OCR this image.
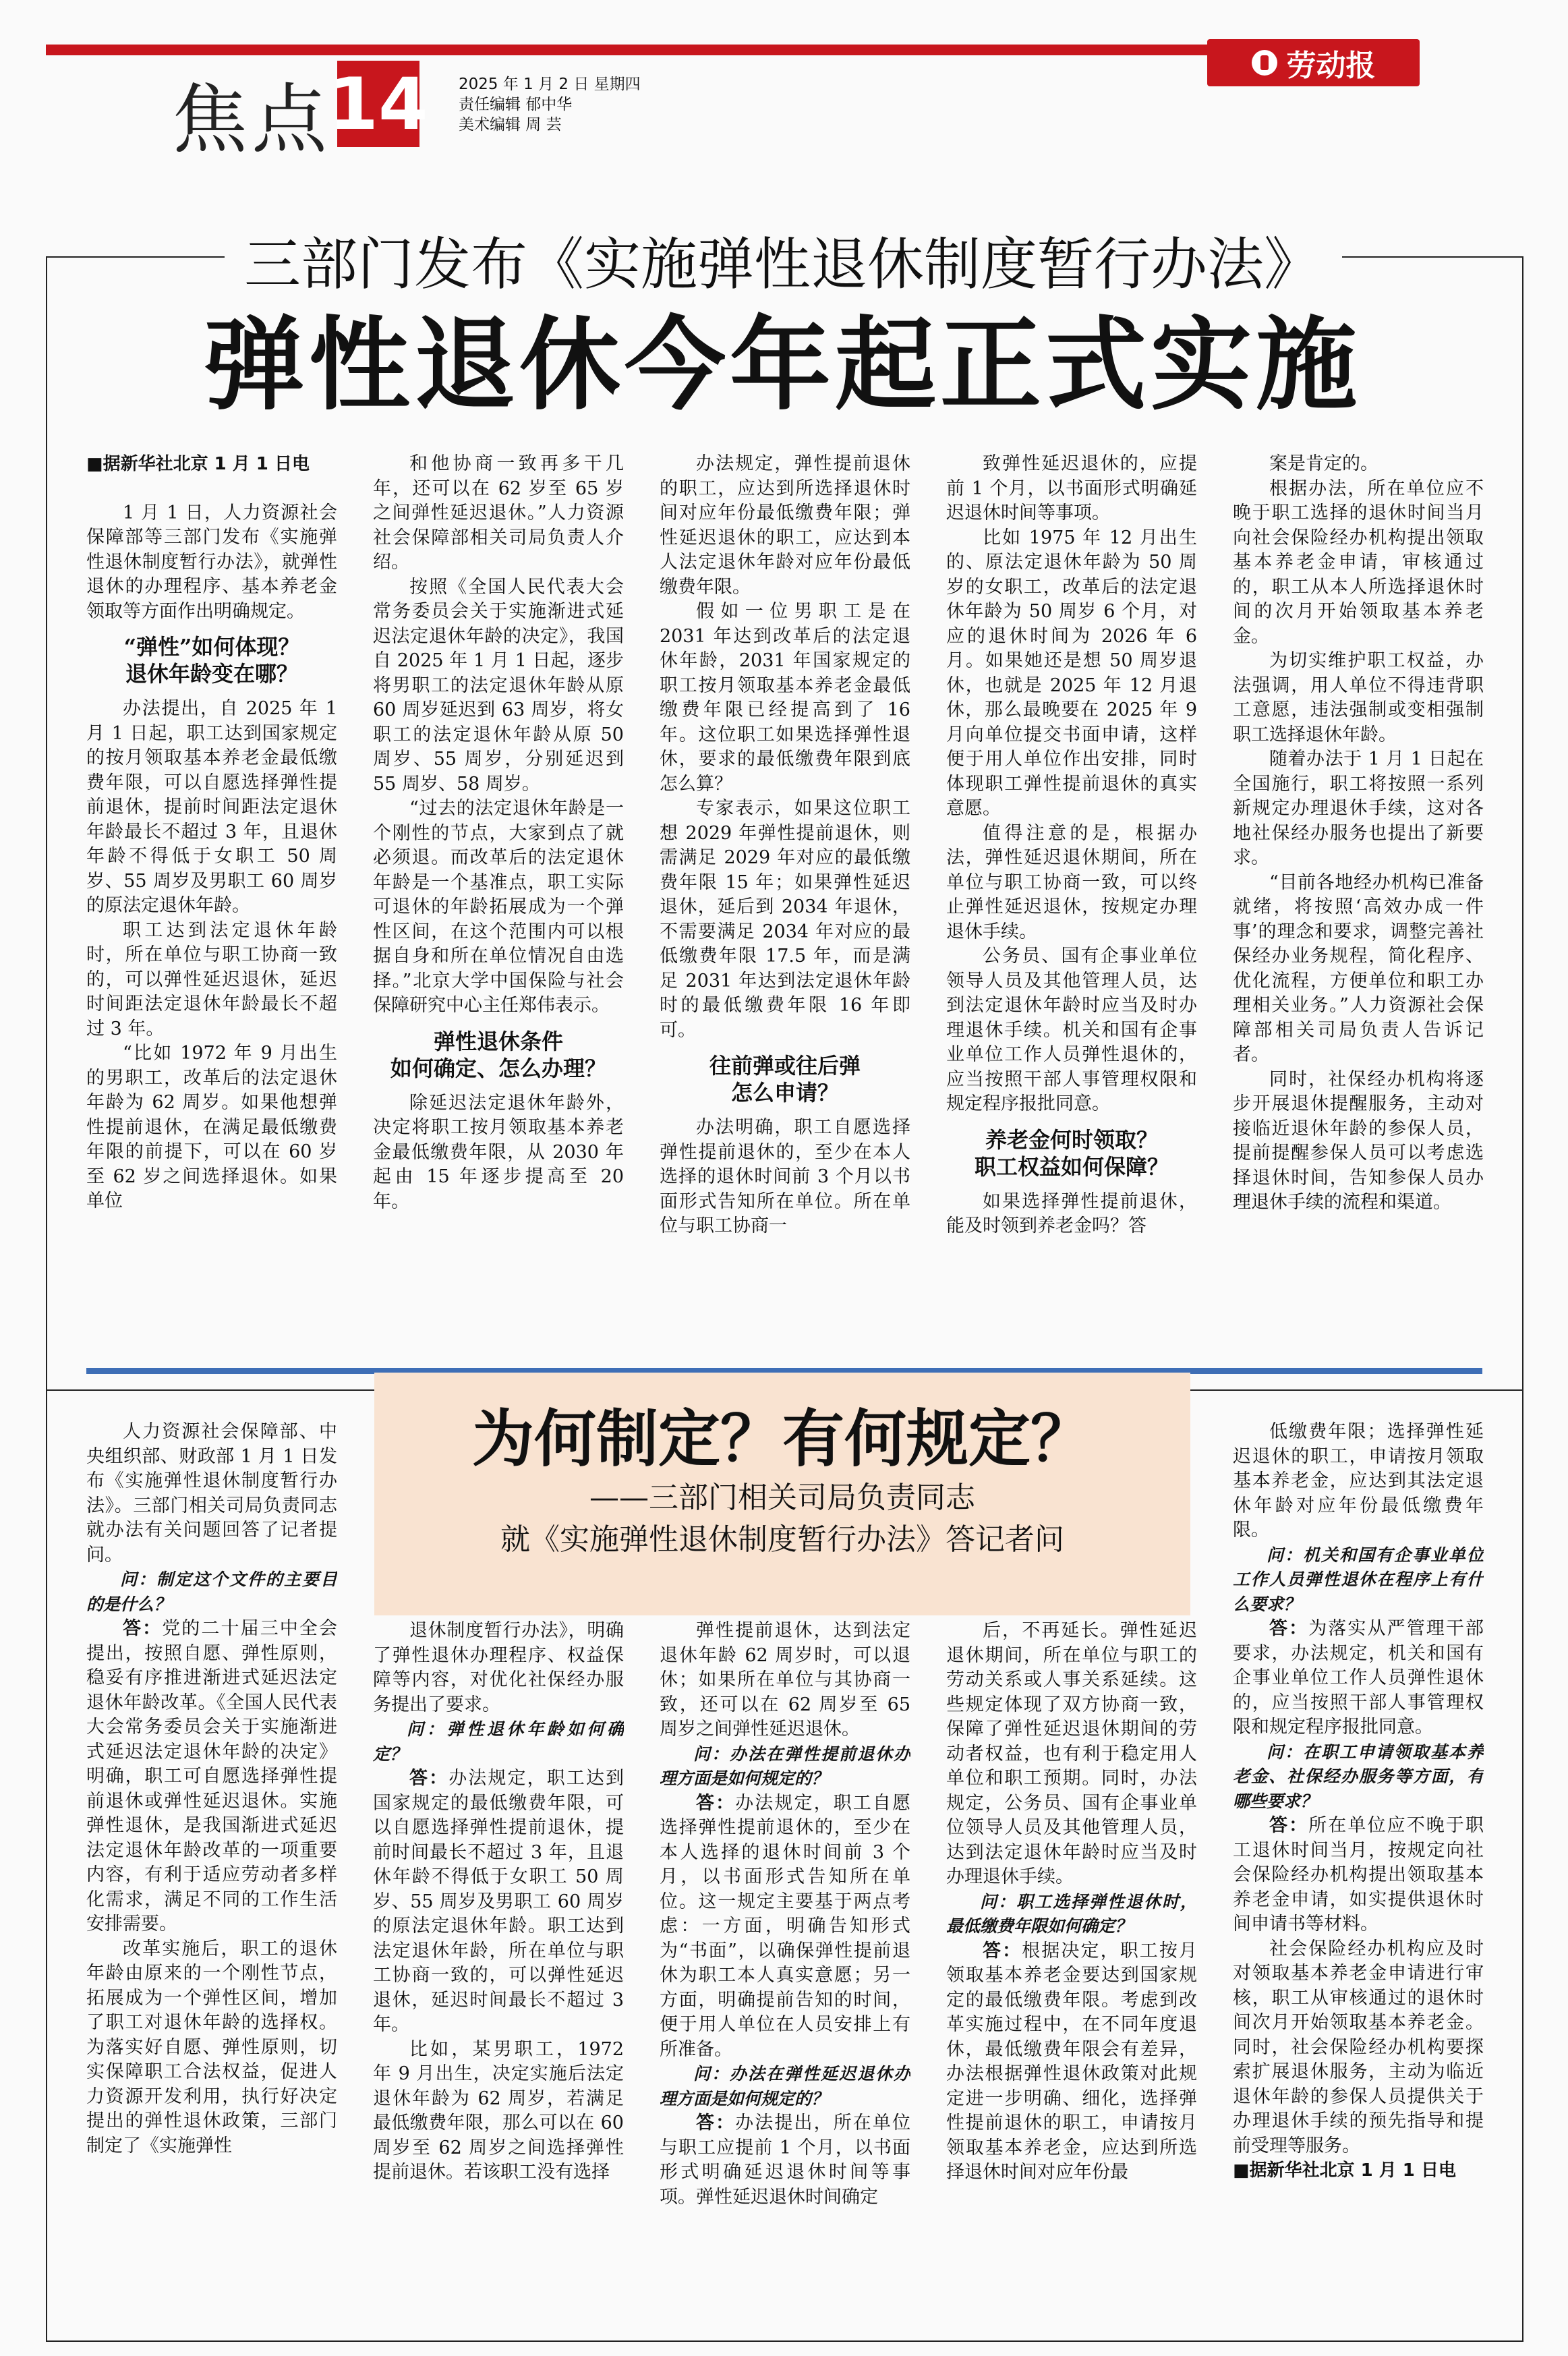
劳动报
焦点
14 2025 年 1 月 2 日 星期四
责任编辑 郁中华
美术编辑 周 芸
三部门发布《实施弹性退休制度暂行办法》
弹性退休今年起正式实施

■据新华社北京 1 月 1 日电

1 月 1 日，人力资源社会保障部等三部门发布《实施弹性退休制度暂行办法》，就弹性退休的办理程序、基本养老金领取等方面作出明确规定。

“弹性”如何体现？
退休年龄变在哪？

办法提出，自 2025 年 1 月 1 日起，职工达到国家规定的按月领取基本养老金最低缴费年限，可以自愿选择弹性提前退休，提前时间距法定退休年龄最长不超过 3 年，且退休年龄不得低于女职工 50 周岁、55 周岁及男职工 60 周岁的原法定退休年龄。

职工达到法定退休年龄时，所在单位与职工协商一致的，可以弹性延迟退休，延迟时间距法定退休年龄最长不超过 3 年。

“比如 1972 年 9 月出生的男职工，改革后的法定退休年龄为 62 周岁。如果他想弹性提前退休，在满足最低缴费年限的前提下，可以在 60 岁至 62 岁之间选择退休。如果单位

和他协商一致再多干几年，还可以在 62 岁至 65 岁之间弹性延迟退休。”人力资源社会保障部相关司局负责人介绍。

按照《全国人民代表大会常务委员会关于实施渐进式延迟法定退休年龄的决定》，我国自 2025 年 1 月 1 日起，逐步将男职工的法定退休年龄从原 60 周岁延迟到 63 周岁，将女职工的法定退休年龄从原 50 周岁、55 周岁，分别延迟到 55 周岁、58 周岁。

“过去的法定退休年龄是一个刚性的节点，大家到点了就必须退。而改革后的法定退休年龄是一个基准点，职工实际可退休的年龄拓展成为一个弹性区间，在这个范围内可以根据自身和所在单位情况自由选择。”北京大学中国保险与社会保障研究中心主任郑伟表示。

弹性退休条件
如何确定、怎么办理？

除延迟法定退休年龄外，决定将职工按月领取基本养老金最低缴费年限，从 2030 年起由 15 年逐步提高至 20 年。

办法规定，弹性提前退休的职工，应达到所选择退休时间对应年份最低缴费年限；弹性延迟退休的职工，应达到本人法定退休年龄对应年份最低缴费年限。

假如一位男职工是在 2031 年达到改革后的法定退休年龄，2031 年国家规定的职工按月领取基本养老金最低缴费年限已经提高到了 16 年。这位职工如果选择弹性退休，要求的最低缴费年限到底怎么算？

专家表示，如果这位职工想 2029 年弹性提前退休，则需满足 2029 年对应的最低缴费年限 15 年；如果弹性延迟退休，延后到 2034 年退休，不需要满足 2034 年对应的最低缴费年限 17.5 年，而是满足 2031 年达到法定退休年龄时的最低缴费年限 16 年即可。

往前弹或往后弹
怎么申请？

办法明确，职工自愿选择弹性提前退休的，至少在本人选择的退休时间前 3 个月以书面形式告知所在单位。所在单位与职工协商一

致弹性延迟退休的，应提前 1 个月，以书面形式明确延迟退休时间等事项。

比如 1975 年 12 月出生的、原法定退休年龄为 50 周岁的女职工，改革后的法定退休年龄为 50 周岁 6 个月，对应的退休时间为 2026 年 6 月。如果她还是想 50 周岁退休，也就是 2025 年 12 月退休，那么最晚要在 2025 年 9 月向单位提交书面申请，这样便于用人单位作出安排，同时体现职工弹性提前退休的真实意愿。

值得注意的是，根据办法，弹性延迟退休期间，所在单位与职工协商一致，可以终止弹性延迟退休，按规定办理退休手续。

公务员、国有企事业单位领导人员及其他管理人员，达到法定退休年龄时应当及时办理退休手续。机关和国有企事业单位工作人员弹性退休的，应当按照干部人事管理权限和规定程序报批同意。

养老金何时领取？
职工权益如何保障？

如果选择弹性提前退休，能及时领到养老金吗？答

案是肯定的。

根据办法，所在单位应不晚于职工选择的退休时间当月向社会保险经办机构提出领取基本养老金申请，审核通过的，职工从本人所选择退休时间的次月开始领取基本养老金。

为切实维护职工权益，办法强调，用人单位不得违背职工意愿，违法强制或变相强制职工选择退休年龄。

随着办法于 1 月 1 日起在全国施行，职工将按照一系列新规定办理退休手续，这对各地社保经办服务也提出了新要求。

“目前各地经办机构已准备就绪，将按照‘高效办成一件事’的理念和要求，调整完善社保经办业务规程，简化程序、优化流程，方便单位和职工办理相关业务。”人力资源社会保障部相关司局负责人告诉记者。

同时，社保经办机构将逐步开展退休提醒服务，主动对接临近退休年龄的参保人员，提前提醒参保人员可以考虑选择退休时间，告知参保人员办理退休手续的流程和渠道。

为何制定？有何规定？
——三部门相关司局负责同志
就《实施弹性退休制度暂行办法》答记者问

人力资源社会保障部、中央组织部、财政部 1 月 1 日发布《实施弹性退休制度暂行办法》。三部门相关司局负责同志就办法有关问题回答了记者提问。

问：制定这个文件的主要目的是什么？

答：党的二十届三中全会提出，按照自愿、弹性原则，稳妥有序推进渐进式延迟法定退休年龄改革。《全国人民代表大会常务委员会关于实施渐进式延迟法定退休年龄的决定》明确，职工可自愿选择弹性提前退休或弹性延迟退休。实施弹性退休，是我国渐进式延迟法定退休年龄改革的一项重要内容，有利于适应劳动者多样化需求，满足不同的工作生活安排需要。

改革实施后，职工的退休年龄由原来的一个刚性节点，拓展成为一个弹性区间，增加了职工对退休年龄的选择权。为落实好自愿、弹性原则，切实保障职工合法权益，促进人力资源开发利用，执行好决定提出的弹性退休政策，三部门制定了《实施弹性

退休制度暂行办法》，明确了弹性退休办理程序、权益保障等内容，对优化社保经办服务提出了要求。

问：弹性退休年龄如何确定？

答：办法规定，职工达到国家规定的最低缴费年限，可以自愿选择弹性提前退休，提前时间最长不超过 3 年，且退休年龄不得低于女职工 50 周岁、55 周岁及男职工 60 周岁的原法定退休年龄。职工达到法定退休年龄，所在单位与职工协商一致的，可以弹性延迟退休，延迟时间最长不超过 3 年。

比如，某男职工，1972 年 9 月出生，决定实施后法定退休年龄为 62 周岁，若满足最低缴费年限，那么可以在 60 周岁至 62 周岁之间选择弹性提前退休。若该职工没有选择

弹性提前退休，达到法定退休年龄 62 周岁时，可以退休；如果所在单位与其协商一致，还可以在 62 周岁至 65 周岁之间弹性延迟退休。

问：办法在弹性提前退休办理方面是如何规定的？

答：办法规定，职工自愿选择弹性提前退休的，至少在本人选择的退休时间前 3 个月，以书面形式告知所在单位。这一规定主要基于两点考虑：一方面，明确告知形式为“书面”，以确保弹性提前退休为职工本人真实意愿；另一方面，明确提前告知的时间，便于用人单位在人员安排上有所准备。

问：办法在弹性延迟退休办理方面是如何规定的？

答：办法提出，所在单位与职工应提前 1 个月，以书面形式明确延迟退休时间等事项。弹性延迟退休时间确定

后，不再延长。弹性延迟退休期间，所在单位与职工的劳动关系或人事关系延续。这些规定体现了双方协商一致，保障了弹性延迟退休期间的劳动者权益，也有利于稳定用人单位和职工预期。同时，办法规定，公务员、国有企事业单位领导人员及其他管理人员，达到法定退休年龄时应当及时办理退休手续。

问：职工选择弹性退休时，最低缴费年限如何确定？

答：根据决定，职工按月领取基本养老金要达到国家规定的最低缴费年限。考虑到改革实施过程中，在不同年度退休，最低缴费年限会有差异，办法根据弹性退休政策对此规定进一步明确、细化，选择弹性提前退休的职工，申请按月领取基本养老金，应达到所选择退休时间对应年份最

低缴费年限；选择弹性延迟退休的职工，申请按月领取基本养老金，应达到其法定退休年龄对应年份最低缴费年限。

问：机关和国有企事业单位工作人员弹性退休在程序上有什么要求？

答：为落实从严管理干部要求，办法规定，机关和国有企事业单位工作人员弹性退休的，应当按照干部人事管理权限和规定程序报批同意。

问：在职工申请领取基本养老金、社保经办服务等方面，有哪些要求？

答：所在单位应不晚于职工退休时间当月，按规定向社会保险经办机构提出领取基本养老金申请，如实提供退休时间申请书等材料。

社会保险经办机构应及时对领取基本养老金申请进行审核，职工从审核通过的退休时间次月开始领取基本养老金。同时，社会保险经办机构要探索扩展退休服务，主动为临近退休年龄的参保人员提供关于办理退休手续的预先指导和提前受理等服务。

■据新华社北京 1 月 1 日电
